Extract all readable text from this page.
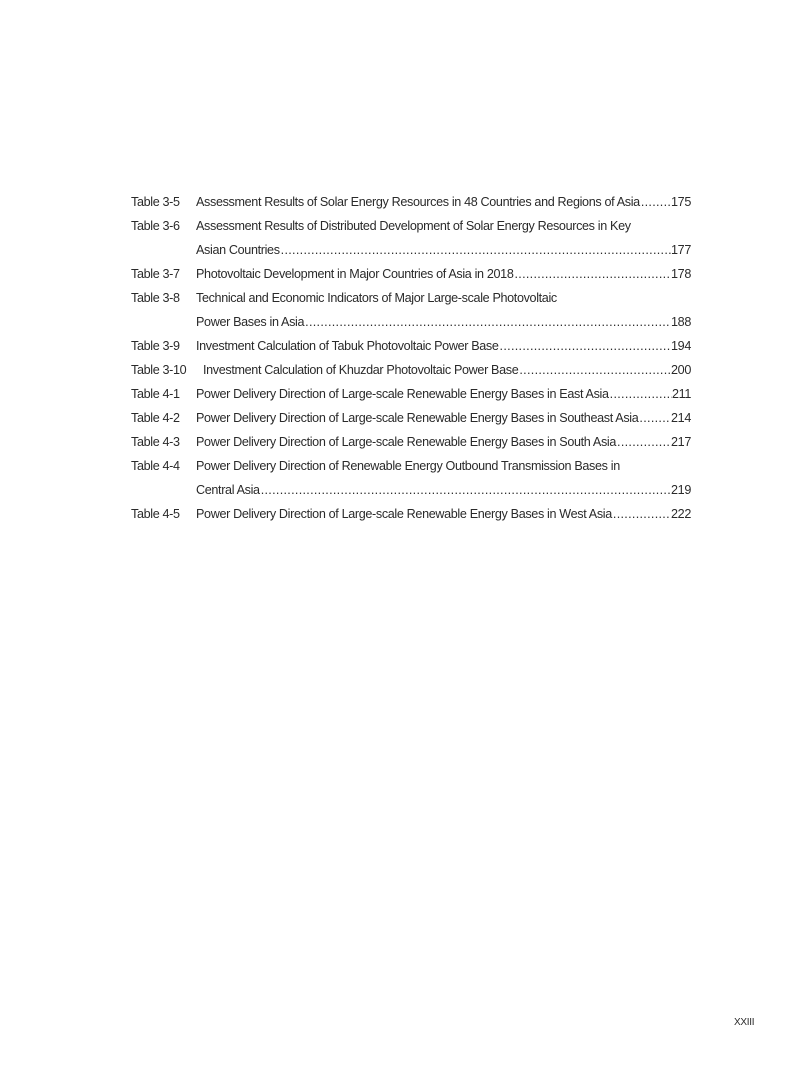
Table 3-5	Assessment Results of Solar Energy Resources in 48 Countries and Regions of Asia ..... 175
Table 3-6	Assessment Results of Distributed Development of Solar Energy Resources in Key
Asian Countries .....	177
Table 3-7	Photovoltaic Development in Major Countries of Asia in 2018 .....	178
Table 3-8	Technical and Economic Indicators of Major Large-scale Photovoltaic
Power Bases in Asia .....	188
Table 3-9	Investment Calculation of Tabuk Photovoltaic Power Base .....	194
Table 3-10	Investment Calculation of Khuzdar Photovoltaic Power Base .....	200
Table 4-1	Power Delivery Direction of Large-scale Renewable Energy Bases in East Asia .....	211
Table 4-2	Power Delivery Direction of Large-scale Renewable Energy Bases in Southeast Asia .....	214
Table 4-3	Power Delivery Direction of Large-scale Renewable Energy Bases in South Asia .....	217
Table 4-4	Power Delivery Direction of Renewable Energy Outbound Transmission Bases in
Central Asia .....	219
Table 4-5	Power Delivery Direction of Large-scale Renewable Energy Bases in West Asia .....	222
XXIII
